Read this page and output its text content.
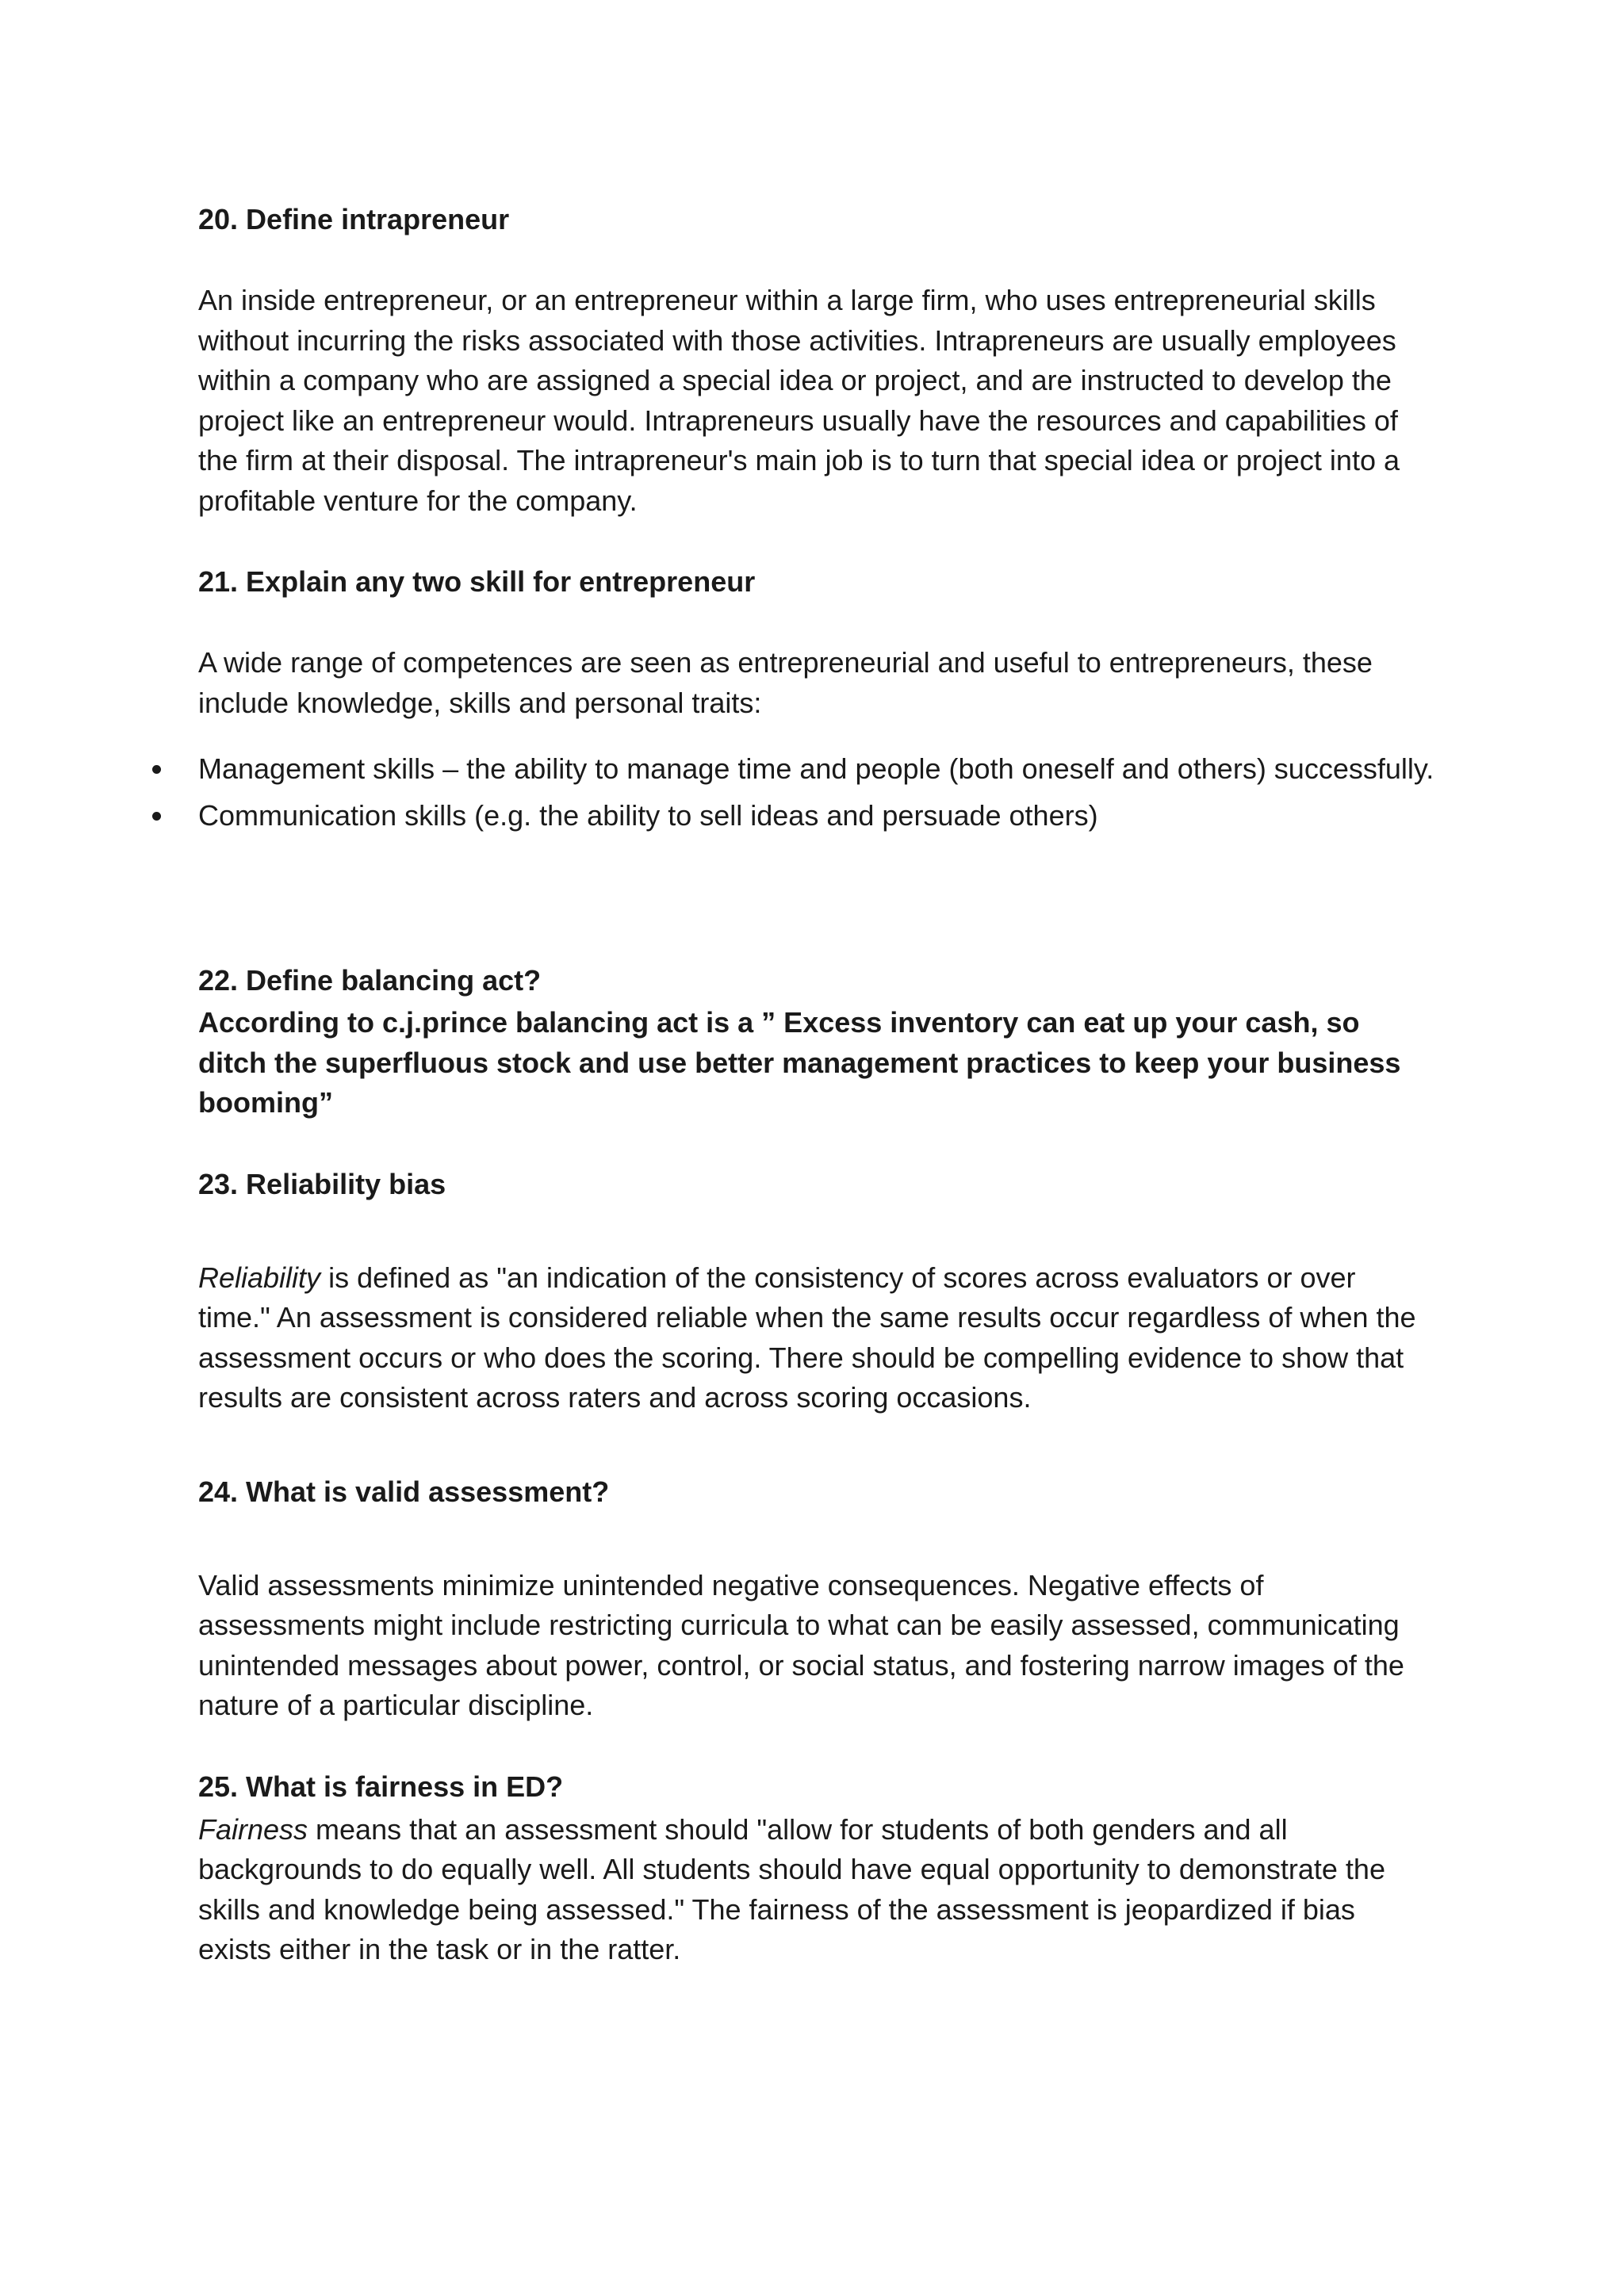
20. Define intrapreneur

An inside entrepreneur, or an entrepreneur within a large firm, who uses entrepreneurial skills without incurring the risks associated with those activities. Intrapreneurs are usually employees within a company who are assigned a special idea or project, and are instructed to develop the project like an entrepreneur would. Intrapreneurs usually have the resources and capabilities of the firm at their disposal. The intrapreneur's main job is to turn that special idea or project into a profitable venture for the company.

21. Explain any two skill for entrepreneur

A wide range of competences are seen as entrepreneurial and useful to entrepreneurs, these include knowledge, skills and personal traits:

Management skills – the ability to manage time and people (both oneself and others) successfully.
Communication skills (e.g. the ability to sell ideas and persuade others)

22. Define balancing act?

According to c.j.prince balancing act is a ” Excess inventory can eat up your cash, so ditch the superfluous stock and use better management practices to keep your business booming”

23. Reliability bias

Reliability is defined as "an indication of the consistency of scores across evaluators or over time." An assessment is considered reliable when the same results occur regardless of when the assessment occurs or who does the scoring. There should be compelling evidence to show that results are consistent across raters and across scoring occasions.

24. What is valid assessment?

Valid assessments minimize unintended negative consequences. Negative effects of assessments might include restricting curricula to what can be easily assessed, communicating unintended messages about power, control, or social status, and fostering narrow images of the nature of a particular discipline.

25. What is fairness in ED?

Fairness means that an assessment should "allow for students of both genders and all backgrounds to do equally well. All students should have equal opportunity to demonstrate the skills and knowledge being assessed." The fairness of the assessment is jeopardized if bias exists either in the task or in the ratter.
